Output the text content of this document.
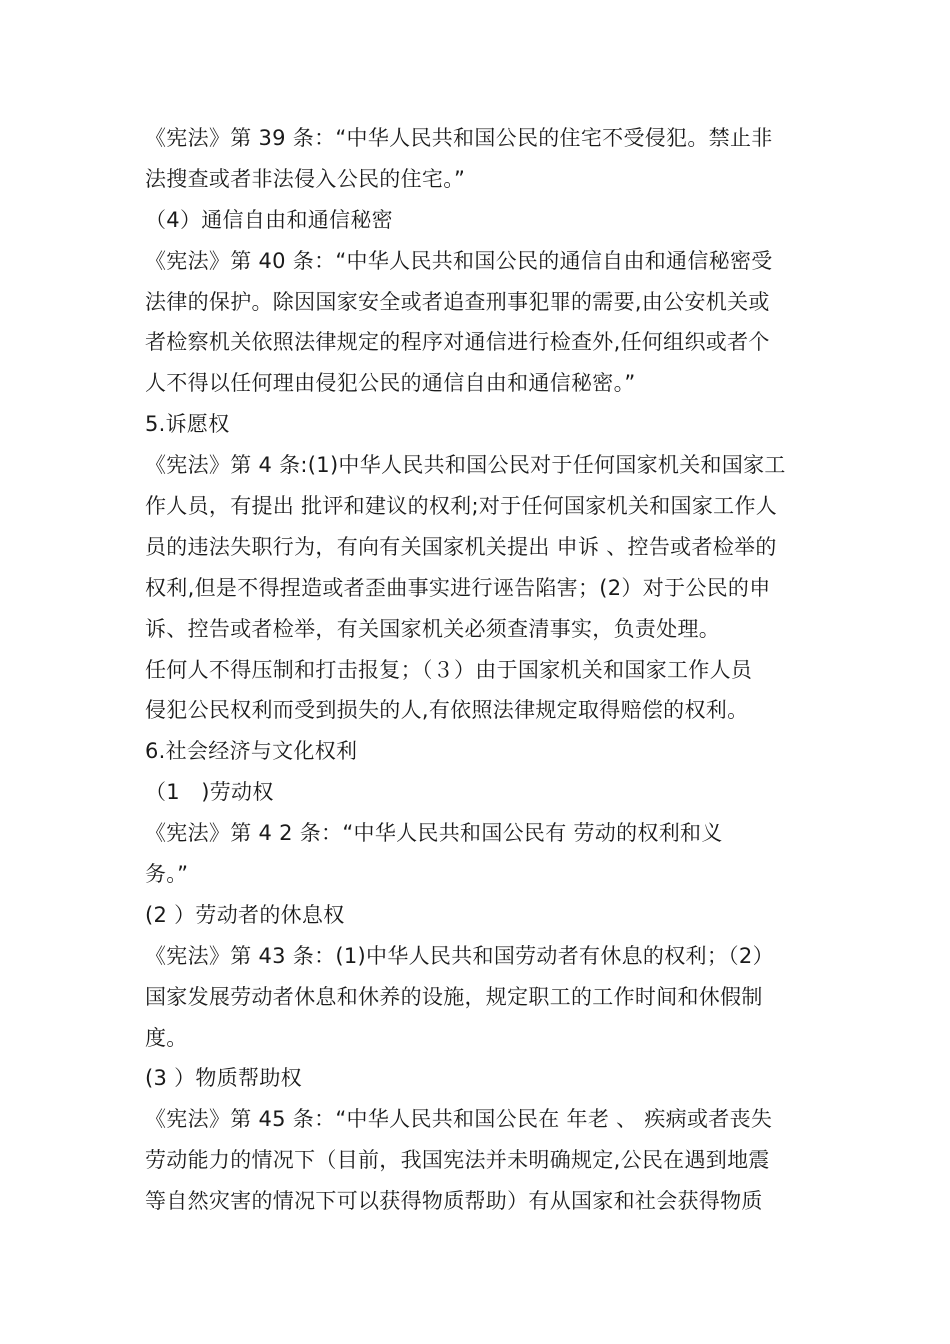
《宪法》第 39 条：“中华人民共和国公民的住宅不受侵犯。禁止非
法搜查或者非法侵入公民的住宅。”
（4）通信自由和通信秘密
《宪法》第 40 条：“中华人民共和国公民的通信自由和通信秘密受
法律的保护。除因国家安全或者追查刑事犯罪的需要,由公安机关或
者检察机关依照法律规定的程序对通信进行检查外,任何组织或者个
人不得以任何理由侵犯公民的通信自由和通信秘密。”
5.诉愿权
《宪法》第 4 条:(1)中华人民共和国公民对于任何国家机关和国家工
作人员，有提出 批评和建议的权利;对于任何国家机关和国家工作人
员的违法失职行为，有向有关国家机关提出 申诉 、控告或者检举的
权利,但是不得捏造或者歪曲事实进行诬告陷害；(2）对于公民的申
诉、控告或者检举，有关国家机关必须查清事实，负责处理。
任何人不得压制和打击报复；（３）由于国家机关和国家工作人员
侵犯公民权利而受到损失的人,有依照法律规定取得赔偿的权利。
6.社会经济与文化权利
（1　)劳动权
《宪法》第 4 2 条：“中华人民共和国公民有 劳动的权利和义
务。”
(2 ）劳动者的休息权
《宪法》第 43 条：(1)中华人民共和国劳动者有休息的权利；（2）
国家发展劳动者休息和休养的设施，规定职工的工作时间和休假制
度。
(3 ）物质帮助权
《宪法》第 45 条：“中华人民共和国公民在 年老 、 疾病或者丧失
劳动能力的情况下（目前，我国宪法并未明确规定,公民在遇到地震
等自然灾害的情况下可以获得物质帮助）有从国家和社会获得物质
